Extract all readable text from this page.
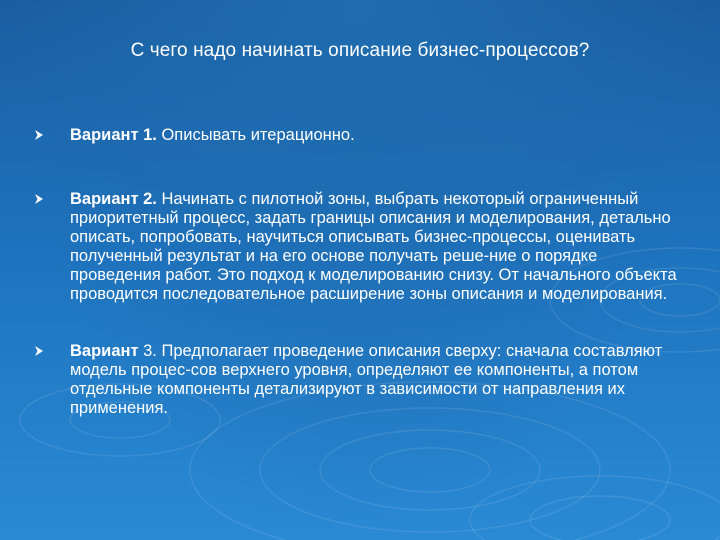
С чего надо начинать описание бизнес-процессов?
Вариант 1. Описывать итерационно.
Вариант 2. Начинать с пилотной зоны, выбрать некоторый ограниченный приоритетный процесс, задать границы описания и моделирования, детально описать, попробовать, научиться описывать бизнес-процессы, оценивать полученный результат и на его основе получать реше-ние о порядке проведения работ. Это подход к моделированию снизу. От начального объекта проводится последовательное расширение зоны описания и моделирования.
Вариант 3. Предполагает проведение описания сверху: сначала составляют модель процес-сов верхнего уровня, определяют ее компоненты, а потом отдельные компоненты детализируют в зависимости от направления их применения.
